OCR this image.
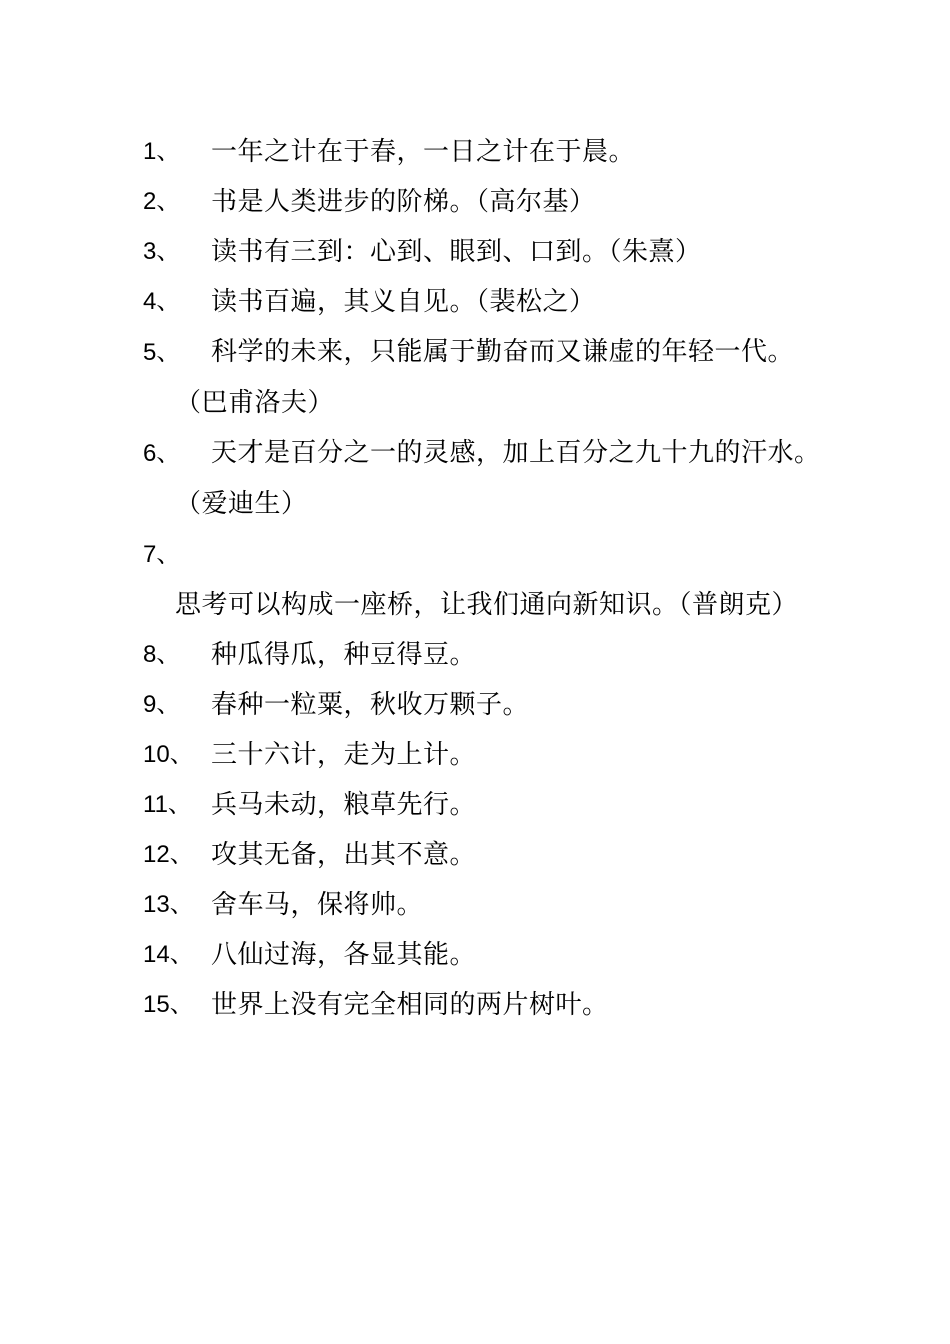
1、	一年之计在于春，一日之计在于晨。
2、	书是人类进步的阶梯。（高尔基）
3、	读书有三到：心到、眼到、口到。（朱熹）
4、	读书百遍，其义自见。（裴松之）
5、 科学的未来，只能属于勤奋而又谦虚的年轻一代。（巴甫洛夫）
6、 天才是百分之一的灵感，加上百分之九十九的汗水。（爱迪生）
7、思考可以构成一座桥，让我们通向新知识。（普朗克）
8、	种瓜得瓜，种豆得豆。
9、	春种一粒粟，秋收万颗子。
10、 三十六计，走为上计。
11、 兵马未动，粮草先行。
12、 攻其无备，出其不意。
13、 舍车马，保将帅。
14、 八仙过海，各显其能。
15、 世界上没有完全相同的两片树叶。
